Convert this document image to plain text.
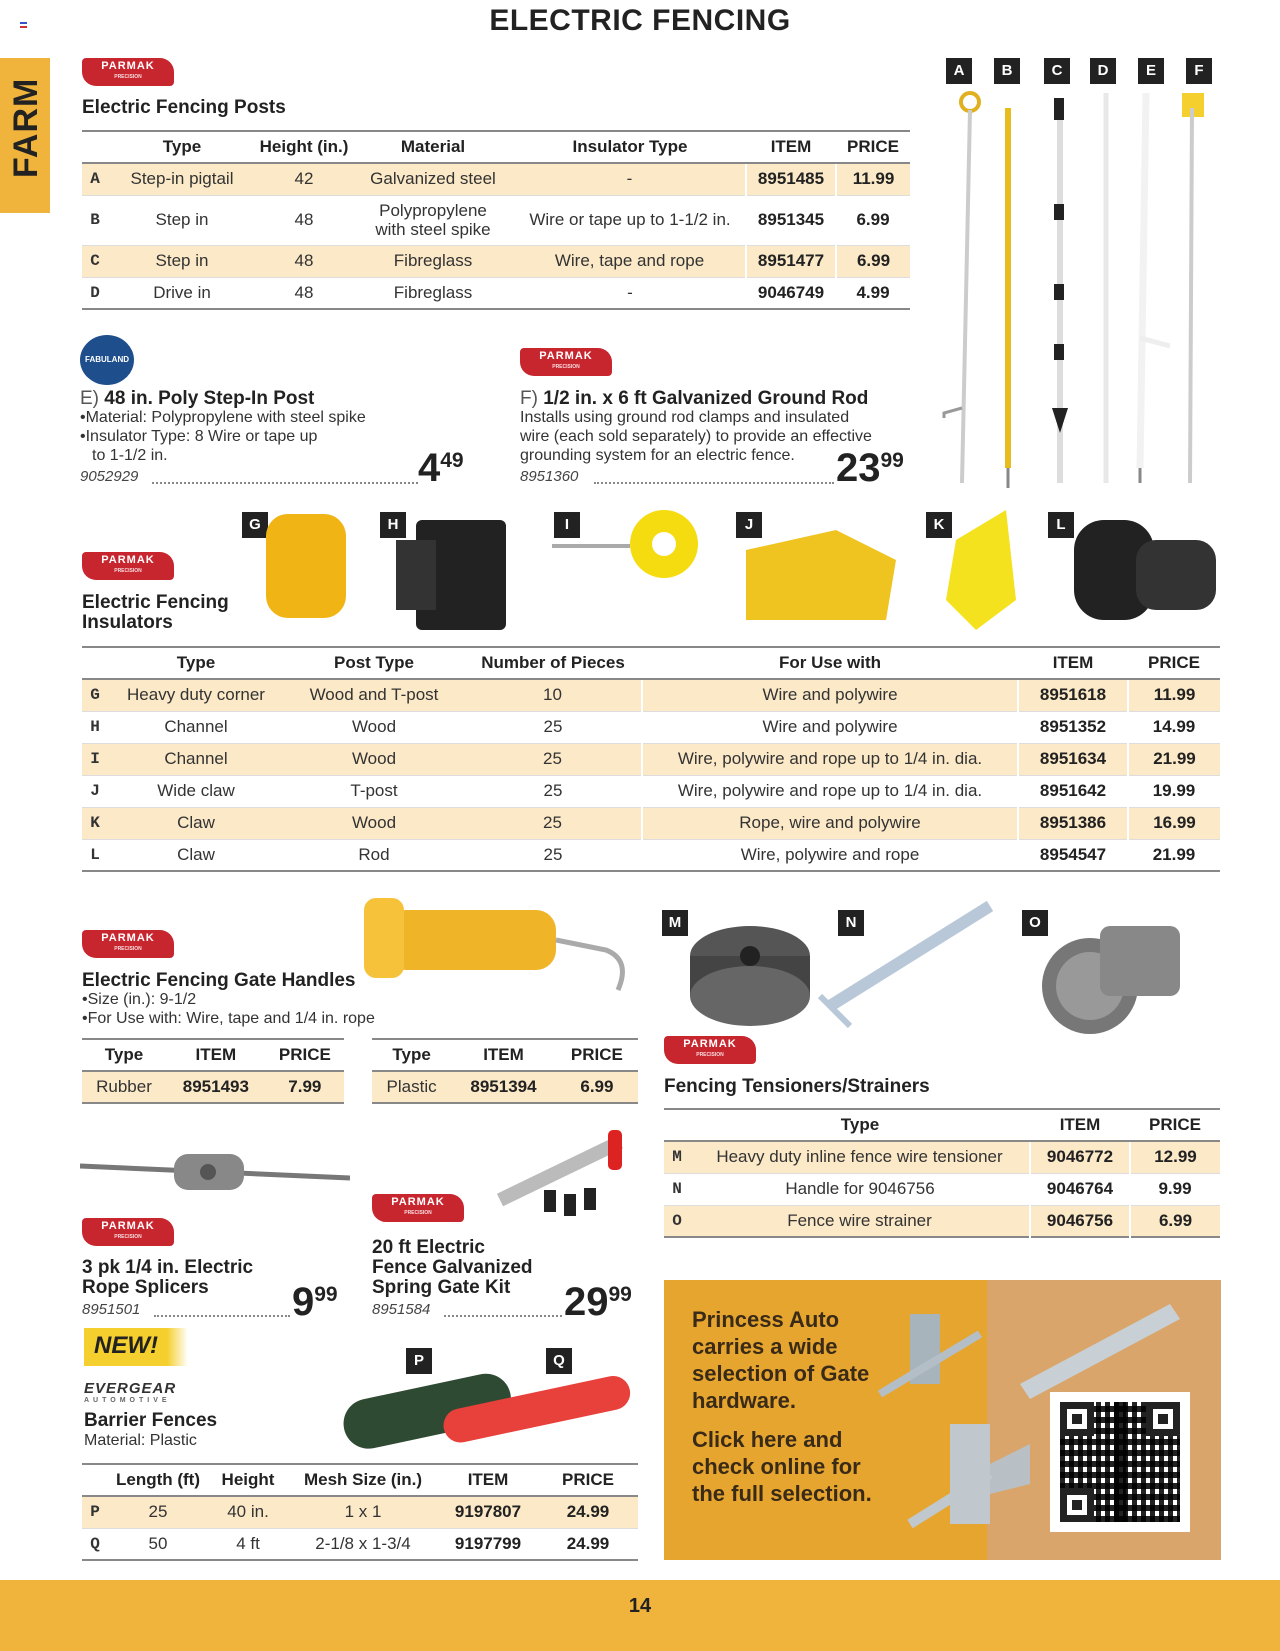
ELECTRIC FENCING
FARM
PARMAK
PRECISION
Electric Fencing Posts
	Type	Height (in.)	Material	Insulator Type	ITEM	PRICE
A	Step-in pigtail	42	Galvanized steel	-	8951485	11.99
B	Step in	48	Polypropylene with steel spike	Wire or tape up to 1-1/2 in.	8951345	6.99
C	Step in	48	Fibreglass	Wire, tape and rope	8951477	6.99
D	Drive in	48	Fibreglass	-	9046749	4.99
A	B	C	D	E	F
FABULAND
E) 48 in. Poly Step-In Post
•Material: Polypropylene with steel spike
•Insulator Type: 8 Wire or tape up
to 1-1/2 in.
9052929	449
PARMAK
PRECISION
F) 1/2 in. x 6 ft Galvanized Ground Rod
Installs using ground rod clamps and insulated
wire (each sold separately) to provide an effective
grounding system for an electric fence.
8951360	2399
PARMAK
PRECISION
Electric Fencing
Insulators
G	H	I	J	K	L
	Type	Post Type	Number of Pieces	For Use with	ITEM	PRICE
G	Heavy duty corner	Wood and T-post	10	Wire and polywire	8951618	11.99
H	Channel	Wood	25	Wire and polywire	8951352	14.99
I	Channel	Wood	25	Wire, polywire and rope up to 1/4 in. dia.	8951634	21.99
J	Wide claw	T-post	25	Wire, polywire and rope up to 1/4 in. dia.	8951642	19.99
K	Claw	Wood	25	Rope, wire and polywire	8951386	16.99
L	Claw	Rod	25	Wire, polywire and rope	8954547	21.99
PARMAK
PRECISION
Electric Fencing Gate Handles
•Size (in.): 9-1/2
•For Use with: Wire, tape and 1/4 in. rope
Type	ITEM	PRICE
Rubber	8951493	7.99
Type	ITEM	PRICE
Plastic	8951394	6.99
M	N	O
PARMAK
PRECISION
Fencing Tensioners/Strainers
	Type	ITEM	PRICE
M	Heavy duty inline fence wire tensioner	9046772	12.99
N	Handle for 9046756	9046764	9.99
O	Fence wire strainer	9046756	6.99
PARMAK
PRECISION
3 pk 1/4 in. Electric
Rope Splicers
8951501	999
PARMAK
PRECISION
20 ft Electric
Fence Galvanized
Spring Gate Kit
8951584	2999
NEW!
EVERGEAR
AUTOMOTIVE
Barrier Fences
Material: Plastic
P	Q
	Length (ft)	Height	Mesh Size (in.)	ITEM	PRICE
P	25	40 in.	1 x 1	9197807	24.99
Q	50	4 ft	2-1/8 x 1-3/4	9197799	24.99
Princess Auto carries a wide selection of Gate hardware.
Click here and check online for the full selection.
14
